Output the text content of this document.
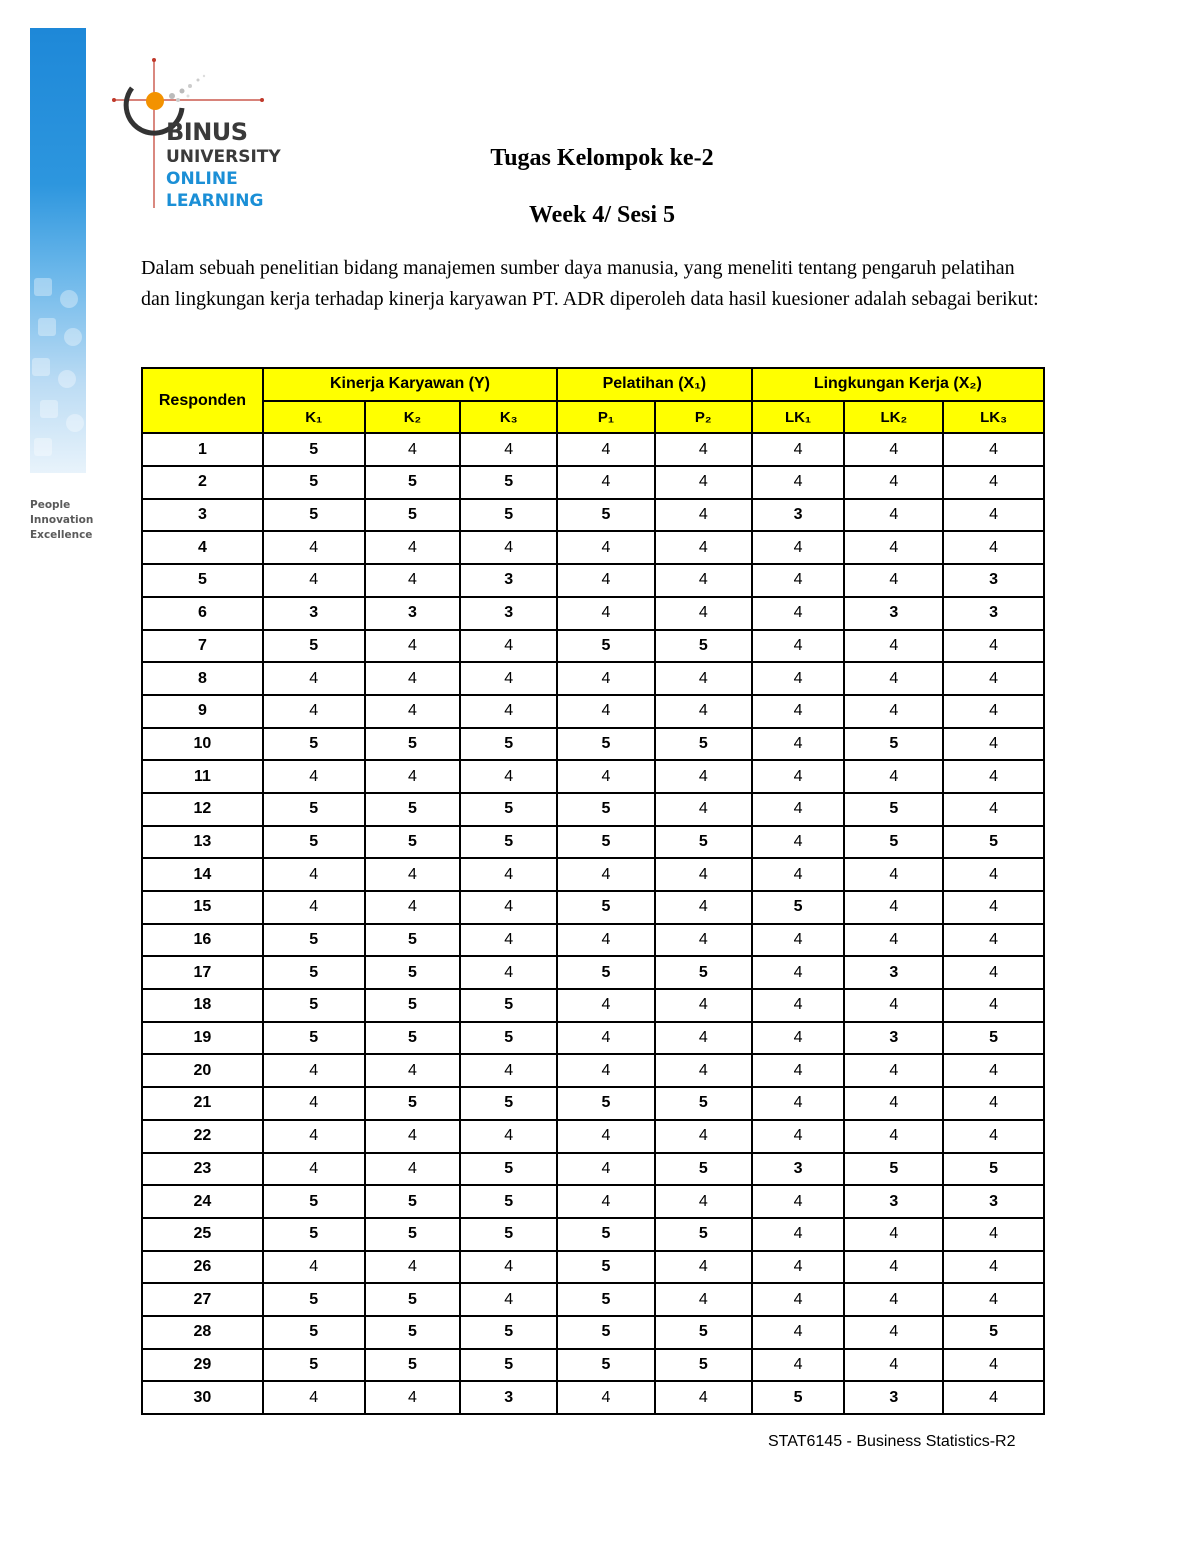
People
Innovation
Excellence
BINUS
UNIVERSITY
ONLINE
LEARNING
Tugas Kelompok ke-2
Week 4/ Sesi 5

Dalam sebuah penelitian bidang manajemen sumber daya manusia, yang meneliti tentang pengaruh pelatihan dan lingkungan kerja terhadap kinerja karyawan PT. ADR diperoleh data hasil kuesioner adalah sebagai berikut:

Responden	Kinerja Karyawan (Y)			Pelatihan (X₁)		Lingkungan Kerja (X₂)		
	K₁	K₂	K₃	P₁	P₂	LK₁	LK₂	LK₃
1	5	4	4	4	4	4	4	4
2	5	5	5	4	4	4	4	4
3	5	5	5	5	4	3	4	4
4	4	4	4	4	4	4	4	4
5	4	4	3	4	4	4	4	3
6	3	3	3	4	4	4	3	3
7	5	4	4	5	5	4	4	4
8	4	4	4	4	4	4	4	4
9	4	4	4	4	4	4	4	4
10	5	5	5	5	5	4	5	4
11	4	4	4	4	4	4	4	4
12	5	5	5	5	4	4	5	4
13	5	5	5	5	5	4	5	5
14	4	4	4	4	4	4	4	4
15	4	4	4	5	4	5	4	4
16	5	5	4	4	4	4	4	4
17	5	5	4	5	5	4	3	4
18	5	5	5	4	4	4	4	4
19	5	5	5	4	4	4	3	5
20	4	4	4	4	4	4	4	4
21	4	5	5	5	5	4	4	4
22	4	4	4	4	4	4	4	4
23	4	4	5	4	5	3	5	5
24	5	5	5	4	4	4	3	3
25	5	5	5	5	5	4	4	4
26	4	4	4	5	4	4	4	4
27	5	5	4	5	4	4	4	4
28	5	5	5	5	5	4	4	5
29	5	5	5	5	5	4	4	4
30	4	4	3	4	4	5	3	4
STAT6145 - Business Statistics-R2
